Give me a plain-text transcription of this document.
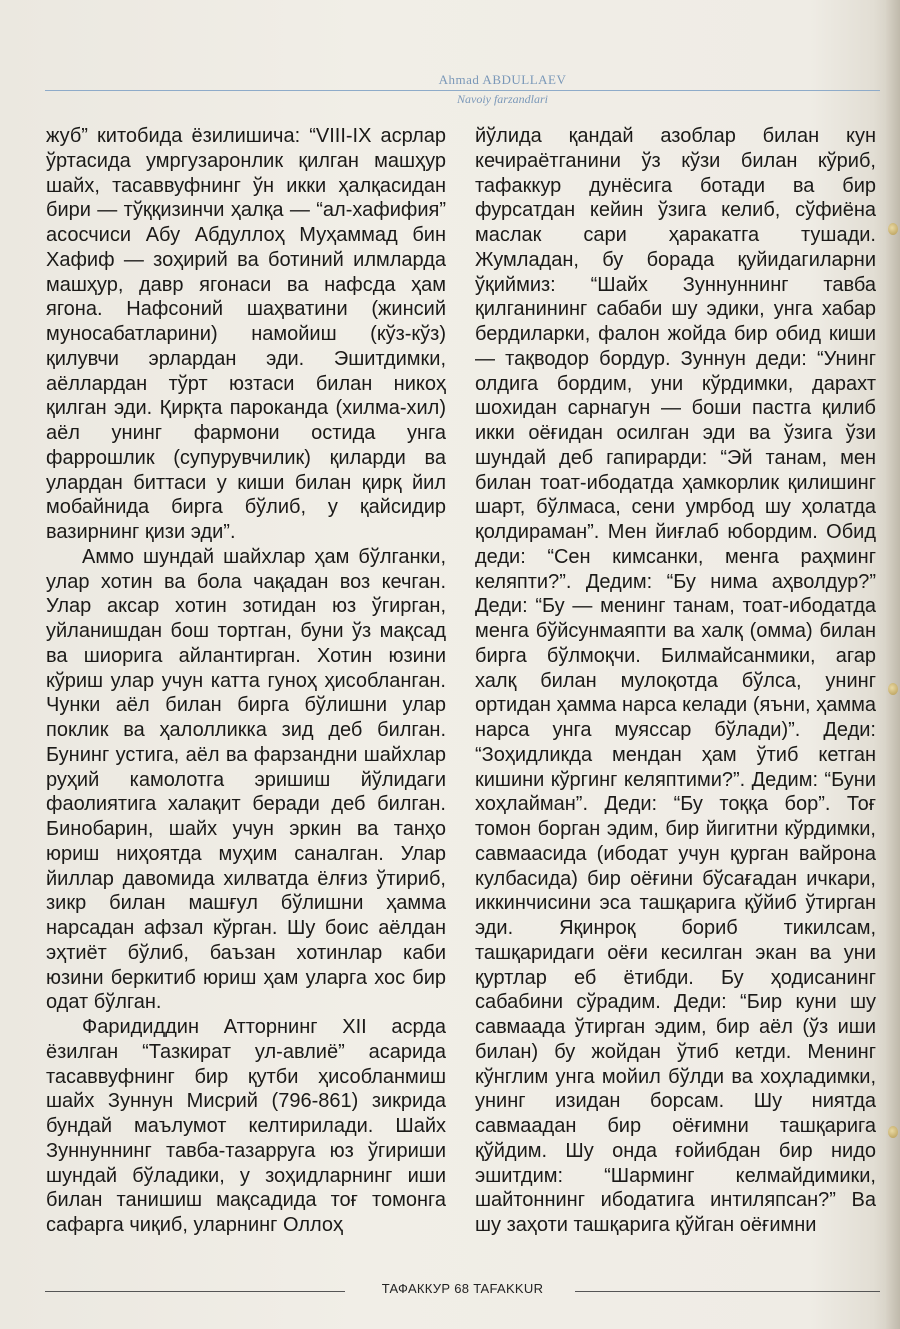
Ahmad ABDULLAEV
Navoiy farzandlari

жуб” китобида ёзилишича: “VIII-IX асрлар ўртасида умргузаронлик қилган машҳур шайх, тасаввуфнинг ўн икки ҳалқасидан бири — тўққизинчи ҳалқа — “ал-хафифия” асосчиси Абу Абдуллоҳ Муҳаммад бин Хафиф — зоҳирий ва ботиний илмларда машҳур, давр ягонаси ва нафсда ҳам ягона. Нафсоний шаҳватини (жинсий муносабатларини) намойиш (кўз-кўз) қилувчи эрлардан эди. Эшитдимки, аёллардан тўрт юзтаси билан никоҳ қилган эди. Қирқта пароканда (хилма-хил) аёл унинг фармони остида унга фаррошлик (супурувчилик) қиларди ва улардан биттаси у киши билан қирқ йил мобайнида бирга бўлиб, у қайсидир вазирнинг қизи эди”.

Аммо шундай шайхлар ҳам бўлганки, улар хотин ва бола чақадан воз кечган. Улар аксар хотин зотидан юз ўгирган, уйланишдан бош тортган, буни ўз мақсад ва шиорига айлантирган. Хотин юзини кўриш улар учун катта гуноҳ ҳисобланган. Чунки аёл билан бирга бўлишни улар поклик ва ҳалолликка зид деб билган. Бунинг устига, аёл ва фарзандни шайхлар руҳий камолотга эришиш йўлидаги фаолиятига халақит беради деб билган. Бинобарин, шайх учун эркин ва танҳо юриш ниҳоятда муҳим саналган. Улар йиллар давомида хилватда ёлғиз ўтириб, зикр билан машғул бўлишни ҳамма нарсадан афзал кўрган. Шу боис аёлдан эҳтиёт бўлиб, баъзан хотинлар каби юзини беркитиб юриш ҳам уларга хос бир одат бўлган.

Фаридиддин Атторнинг XII асрда ёзилган “Тазкират ул-авлиё” асарида тасаввуфнинг бир қутби ҳисобланмиш шайх Зуннун Мисрий (796-861) зикрида бундай маълумот келтирилади. Шайх Зуннуннинг тавба-тазарруга юз ўгириши шундай бўладики, у зоҳидларнинг иши билан танишиш мақсадида тоғ томонга сафарга чиқиб, уларнинг Оллоҳ

йўлида қандай азоблар билан кун кечираётганини ўз кўзи билан кўриб, тафаккур дунёсига ботади ва бир фурсатдан кейин ўзига келиб, сўфиёна маслак сари ҳаракатга тушади. Жумладан, бу борада қуйидагиларни ўқиймиз: “Шайх Зуннуннинг тавба қилганининг сабаби шу эдики, унга хабар бердиларки, фалон жойда бир обид киши — тақводор бордур. Зуннун деди: “Унинг олдига бордим, уни кўрдимки, дарахт шохидан сарнагун — боши пастга қилиб икки оёғидан осилган эди ва ўзига ўзи шундай деб гапирарди: “Эй танам, мен билан тоат-ибодатда ҳамкорлик қилишинг шарт, бўлмаса, сени умрбод шу ҳолатда қолдираман”. Мен йиғлаб юбордим. Обид деди: “Сен кимсанки, менга раҳминг келяпти?”. Дедим: “Бу нима аҳволдур?” Деди: “Бу — менинг танам, тоат-ибодатда менга бўйсунмаяпти ва халқ (омма) билан бирга бўлмоқчи. Билмайсанмики, агар халқ билан мулоқотда бўлса, унинг ортидан ҳамма нарса келади (яъни, ҳамма нарса унга муяссар бўлади)”. Деди: “Зоҳидликда мендан ҳам ўтиб кетган кишини кўргинг келяптими?”. Дедим: “Буни хоҳлайман”. Деди: “Бу тоққа бор”. Тоғ томон борган эдим, бир йигитни кўрдимки, савмаасида (ибодат учун қурган вайрона кулбасида) бир оёғини бўсағадан ичкари, иккинчисини эса ташқарига қўйиб ўтирган эди. Яқинроқ бориб тикилсам, ташқаридаги оёғи кесилган экан ва уни қуртлар еб ётибди. Бу ҳодисанинг сабабини сўрадим. Деди: “Бир куни шу савмаада ўтирган эдим, бир аёл (ўз иши билан) бу жойдан ўтиб кетди. Менинг кўнглим унга мойил бўлди ва хоҳладимки, унинг изидан борсам. Шу ниятда савмаадан бир оёғимни ташқарига қўйдим. Шу онда ғойибдан бир нидо эшитдим: “Шарминг келмайдимики, шайтоннинг ибодатига интиляпсан?” Ва шу заҳоти ташқарига қўйган оёғимни

ТАФАККУР 68 TAFAKKUR
